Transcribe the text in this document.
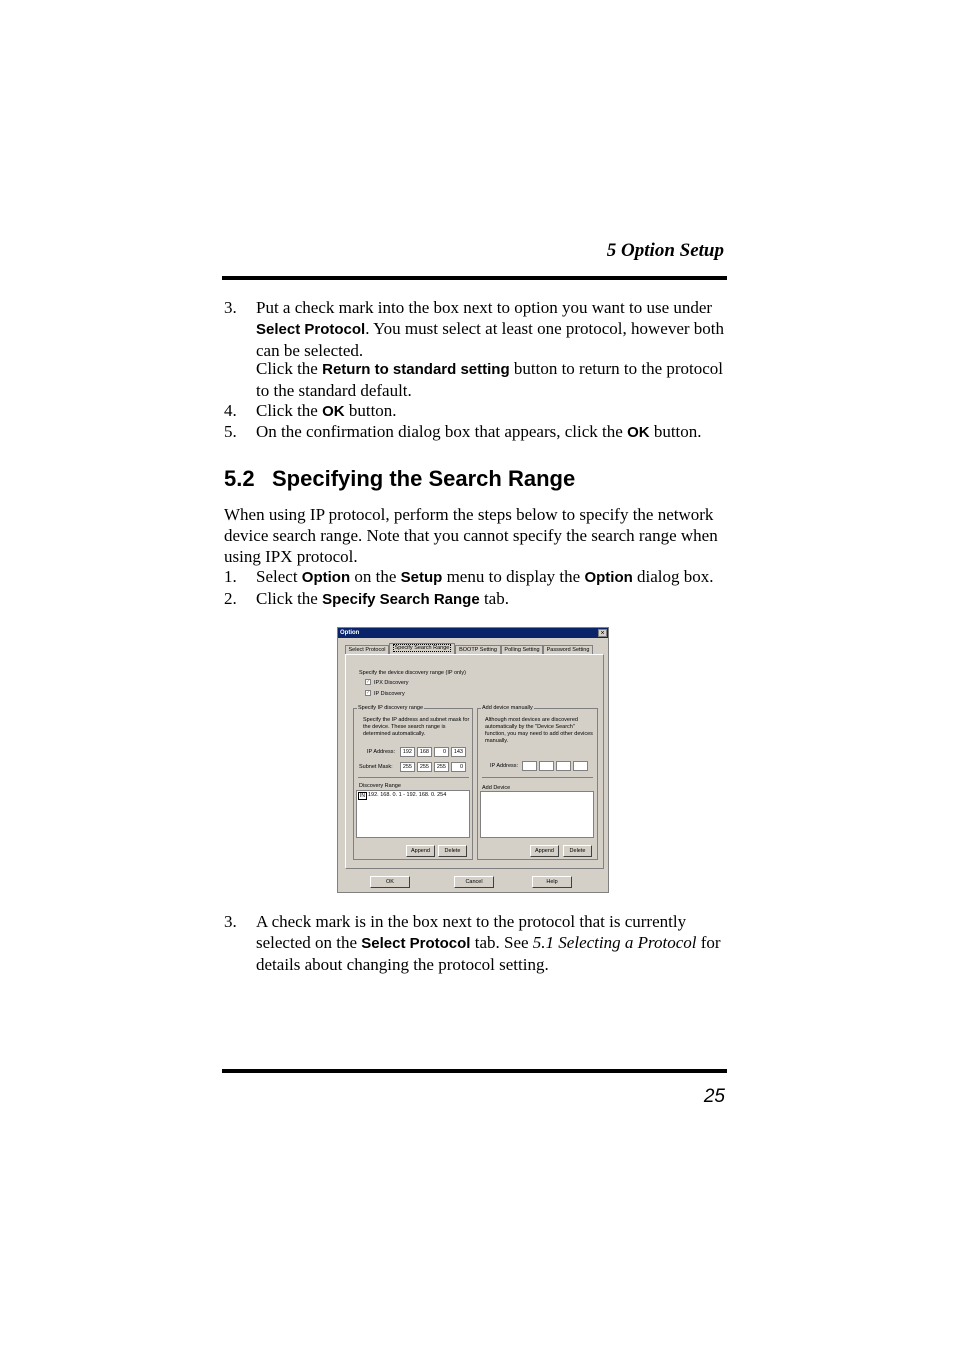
5 Option Setup
3. Put a check mark into the box next to option you want to use under Select Protocol. You must select at least one protocol, however both can be selected.
Click the Return to standard setting button to return to the protocol to the standard default.
4. Click the OK button.
5. On the confirmation dialog box that appears, click the OK button.
5.2 Specifying the Search Range
When using IP protocol, perform the steps below to specify the network device search range. Note that you cannot specify the search range when using IPX protocol.
1. Select Option on the Setup menu to display the Option dialog box.
2. Click the Specify Search Range tab.
Option	×
Select Protocol	Specify Search Range	BOOTP Setting	Polling Setting	Password Setting
Specify the device discovery range (IP only)
✓ IPX Discovery
✓ IP Discovery
Specify IP discovery range
Specify the IP address and subnet mask for the device. These search range is determined automatically.
IP Address:	192	168	0	143
Subnet Mask:	255	255	255	0
Discovery Range
IN 192. 168. 0. 1 - 192. 168. 0. 254
Append	Delete
Add device manually
Although most devices are discovered automatically by the "Device Search" function, you may need to add other devices manually.
IP Address:
Add Device
Append	Delete
OK	Cancel	Help
3. A check mark is in the box next to the protocol that is currently selected on the Select Protocol tab. See 5.1 Selecting a Protocol for details about changing the protocol setting.
25
